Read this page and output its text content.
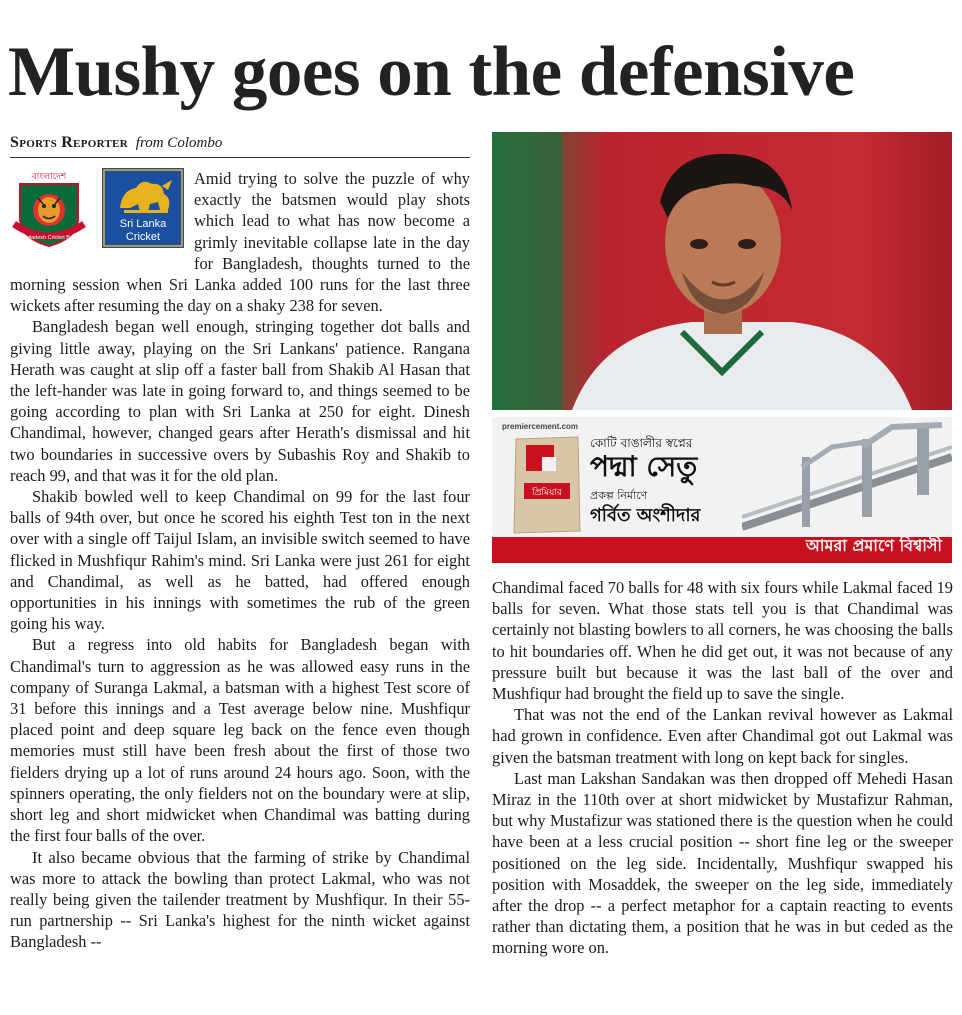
Mushy goes on the defensive
Sports Reporter from Colombo
বাংলাদেশ
Bangladesh Cricket Board
Sri Lanka
Cricket

Amid trying to solve the puzzle of why exactly the batsmen would play shots which lead to what has now become a grimly inevitable collapse late in the day for Bangladesh, thoughts turned to the morning session when Sri Lanka added 100 runs for the last three wickets after resuming the day on a shaky 238 for seven.

Bangladesh began well enough, stringing together dot balls and giving little away, playing on the Sri Lankans' patience. Rangana Herath was caught at slip off a faster ball from Shakib Al Hasan that the left-hander was late in going forward to, and things seemed to be going according to plan with Sri Lanka at 250 for eight. Dinesh Chandimal, however, changed gears after Herath's dismissal and hit two boundaries in successive overs by Subashis Roy and Shakib to reach 99, and that was it for the old plan.

Shakib bowled well to keep Chandimal on 99 for the last four balls of 94th over, but once he scored his eighth Test ton in the next over with a single off Taijul Islam, an invisible switch seemed to have flicked in Mushfiqur Rahim's mind. Sri Lanka were just 261 for eight and Chandimal, as well as he batted, had offered enough opportunities in his innings with sometimes the rub of the green going his way.

But a regress into old habits for Bangladesh began with Chandimal's turn to aggression as he was allowed easy runs in the company of Suranga Lakmal, a batsman with a highest Test score of 31 before this innings and a Test average below nine. Mushfiqur placed point and deep square leg back on the fence even though memories must still have been fresh about the first of those two fielders drying up a lot of runs around 24 hours ago. Soon, with the spinners operating, the only fielders not on the boundary were at slip, short leg and short midwicket when Chandimal was batting during the first four balls of the over.

It also became obvious that the farming of strike by Chandimal was more to attack the bowling than protect Lakmal, who was not really being given the tailender treatment by Mushfiqur. In their 55-run partnership -- Sri Lanka's highest for the ninth wicket against Bangladesh --

premiercement.com
প্রিমিয়ার
কোটি বাঙালীর স্বপ্নের
পদ্মা সেতু
প্রকল্প নির্মাণে
গর্বিত অংশীদার
আমরা প্রমাণে বিশ্বাসী

Chandimal faced 70 balls for 48 with six fours while Lakmal faced 19 balls for seven. What those stats tell you is that Chandimal was certainly not blasting bowlers to all corners, he was choosing the balls to hit boundaries off. When he did get out, it was not because of any pressure built but because it was the last ball of the over and Mushfiqur had brought the field up to save the single.

That was not the end of the Lankan revival however as Lakmal had grown in confidence. Even after Chandimal got out Lakmal was given the batsman treatment with long on kept back for singles.

Last man Lakshan Sandakan was then dropped off Mehedi Hasan Miraz in the 110th over at short midwicket by Mustafizur Rahman, but why Mustafizur was stationed there is the question when he could have been at a less crucial position -- short fine leg or the sweeper positioned on the leg side. Incidentally, Mushfiqur swapped his position with Mosaddek, the sweeper on the leg side, immediately after the drop -- a perfect metaphor for a captain reacting to events rather than dictating them, a position that he was in but ceded as the morning wore on.
